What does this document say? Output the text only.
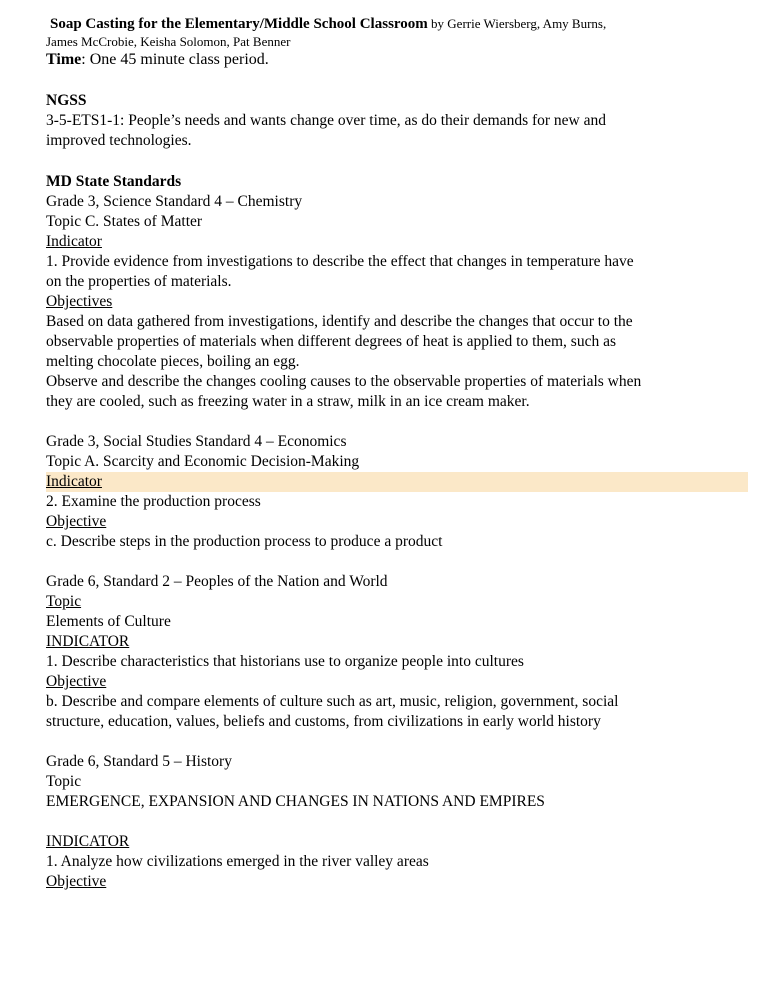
Soap Casting for the Elementary/Middle School Classroom by Gerrie Wiersberg, Amy Burns,

James McCrobie, Keisha Solomon, Pat Benner

Time: One 45 minute class period.

NGSS

3-5-ETS1-1: People’s needs and wants change over time, as do their demands for new and

improved technologies.

MD State Standards

Grade 3, Science Standard 4 – Chemistry

Topic C. States of Matter

Indicator

1. Provide evidence from investigations to describe the effect that changes in temperature have

on the properties of materials.

Objectives

Based on data gathered from investigations, identify and describe the changes that occur to the

observable properties of materials when different degrees of heat is applied to them, such as

melting chocolate pieces, boiling an egg.

Observe and describe the changes cooling causes to the observable properties of materials when

they are cooled, such as freezing water in a straw, milk in an ice cream maker.

Grade 3, Social Studies Standard 4 – Economics

Topic A. Scarcity and Economic Decision-Making

Indicator

2. Examine the production process

Objective

c. Describe steps in the production process to produce a product

Grade 6, Standard 2 – Peoples of the Nation and World

Topic

Elements of Culture

INDICATOR

1. Describe characteristics that historians use to organize people into cultures

Objective

b. Describe and compare elements of culture such as art, music, religion, government, social

structure, education, values, beliefs and customs, from civilizations in early world history

Grade 6, Standard 5 – History

Topic

EMERGENCE, EXPANSION AND CHANGES IN NATIONS AND EMPIRES

INDICATOR

1. Analyze how civilizations emerged in the river valley areas

Objective
